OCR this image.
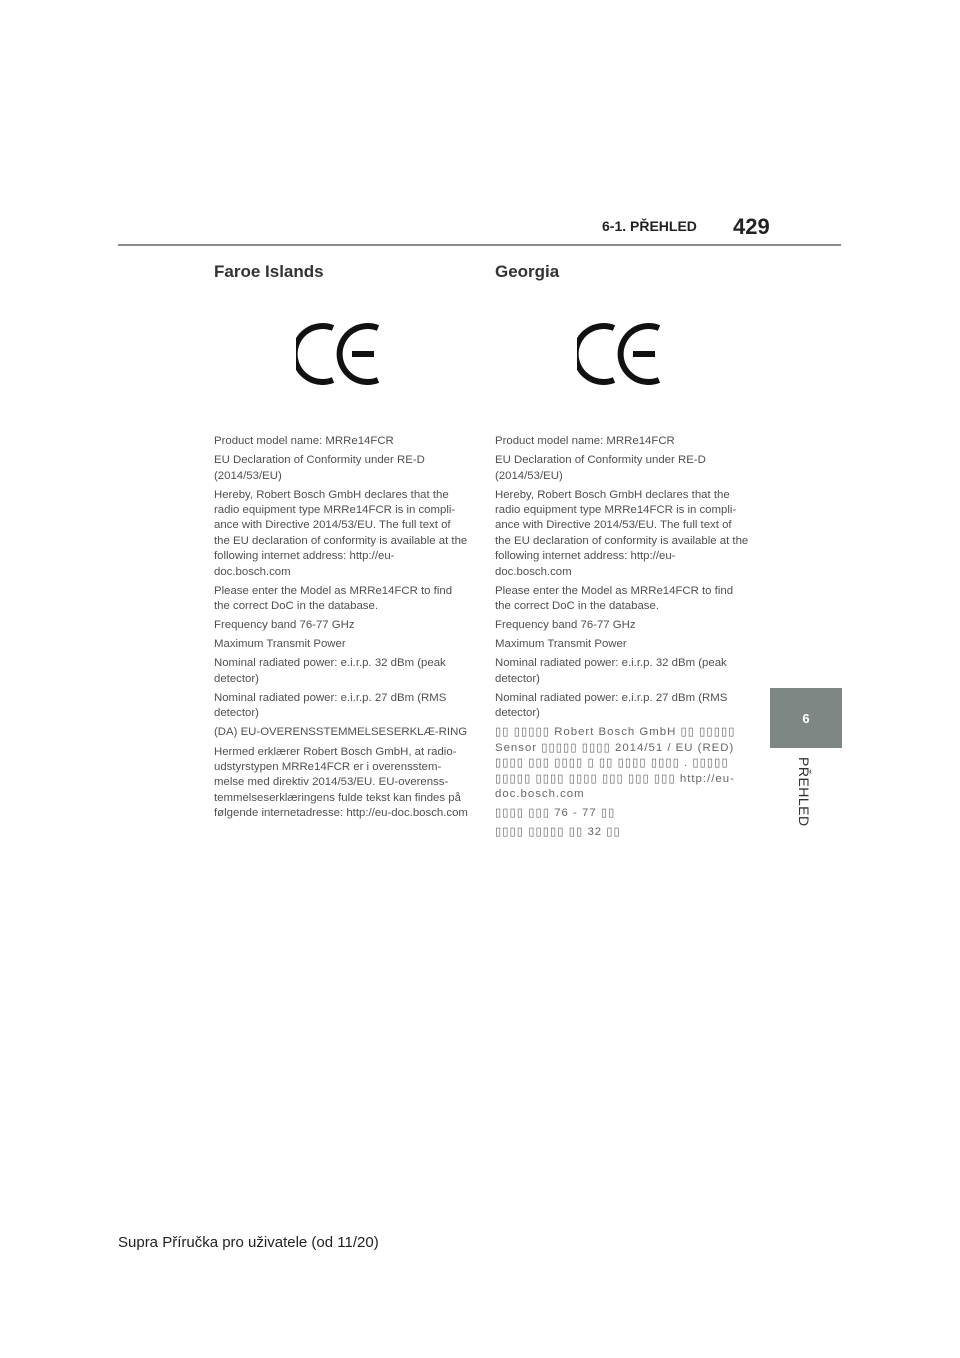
6-1. PŘEHLED 429
6
PŘEHLED
Faroe Islands

Product model name: MRRe14FCR

EU Declaration of Conformity under RE-D (2014/53/EU)

Hereby, Robert Bosch GmbH declares that the radio equipment type MRRe14FCR is in compli-ance with Directive 2014/53/EU. The full text of the EU declaration of conformity is available at the following internet address: http://eu-doc.bosch.com

Please enter the Model as MRRe14FCR to find the correct DoC in the database.

Frequency band 76-77 GHz

Maximum Transmit Power

Nominal radiated power: e.i.r.p. 32 dBm (peak detector)

Nominal radiated power: e.i.r.p. 27 dBm (RMS detector)

(DA) EU-OVERENSSTEMMELSESERKLÆ-RING

Hermed erklærer Robert Bosch GmbH, at radio-udstyrstypen MRRe14FCR er i overensstem-melse med direktiv 2014/53/EU. EU-overenss-temmelseserklæringens fulde tekst kan findes på følgende internetadresse: http://eu-doc.bosch.com

Georgia

Product model name: MRRe14FCR

EU Declaration of Conformity under RE-D (2014/53/EU)

Hereby, Robert Bosch GmbH declares that the radio equipment type MRRe14FCR is in compli-ance with Directive 2014/53/EU. The full text of the EU declaration of conformity is available at the following internet address: http://eu-doc.bosch.com

Please enter the Model as MRRe14FCR to find the correct DoC in the database.

Frequency band 76-77 GHz

Maximum Transmit Power

Nominal radiated power: e.i.r.p. 32 dBm (peak detector)

Nominal radiated power: e.i.r.p. 27 dBm (RMS detector)

▯▯ ▯▯▯▯▯ Robert Bosch GmbH ▯▯ ▯▯▯▯▯ Sensor ▯▯▯▯▯ ▯▯▯▯ 2014/51 / EU (RED) ▯▯▯▯ ▯▯▯ ▯▯▯▯ ▯ ▯▯ ▯▯▯▯ ▯▯▯▯ . ▯▯▯▯▯ ▯▯▯▯▯ ▯▯▯▯ ▯▯▯▯ ▯▯▯ ▯▯▯ ▯▯▯ http://eu-doc.bosch.com

▯▯▯▯ ▯▯▯ 76 - 77 ▯▯

▯▯▯▯ ▯▯▯▯▯ ▯▯ 32 ▯▯

Supra Příručka pro uživatele (od 11/20)
